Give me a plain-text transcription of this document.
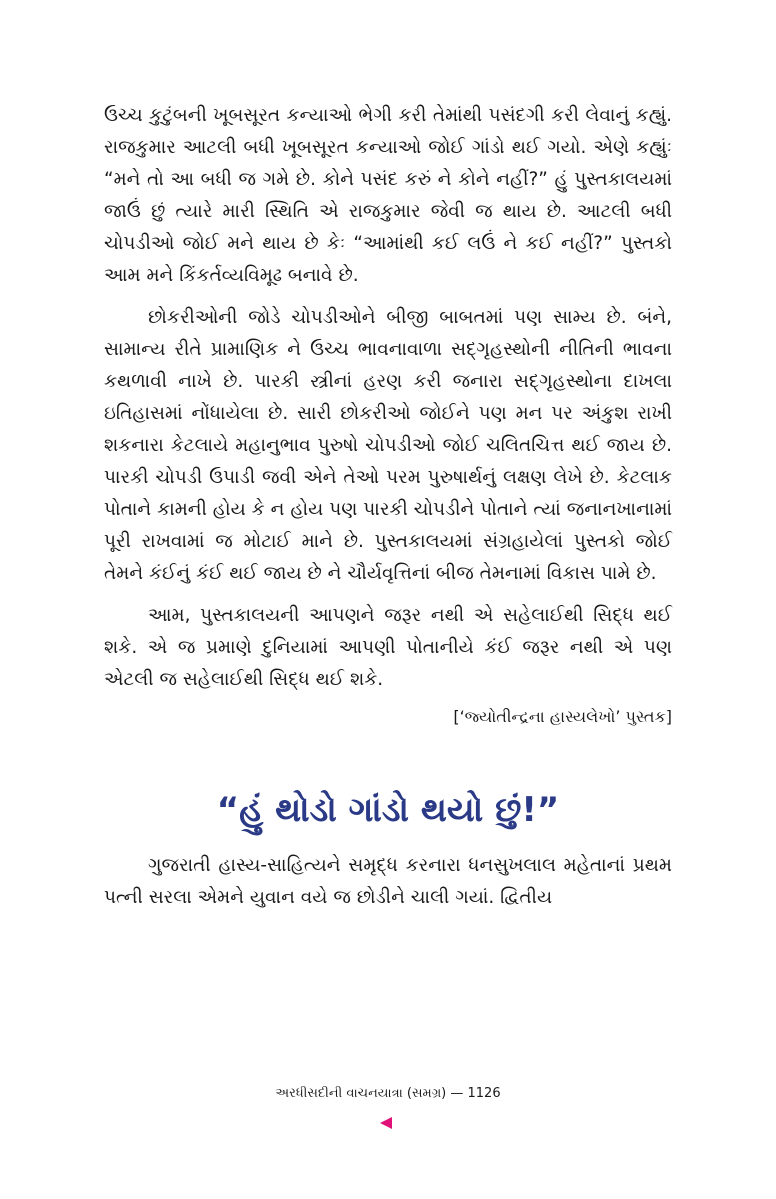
ઉચ્ચ કુટુંબની ખૂબસૂરત કન્યાઓ ભેગી કરી તેમાંથી પસંદગી કરી લેવાનું કહ્યું. રાજકુમાર આટલી બધી ખૂબસૂરત કન્યાઓ જોઈ ગાંડો થઈ ગયો. એણે કહ્યુંઃ “મને તો આ બધી જ ગમે છે. કોને પસંદ કરું ને કોને નહીં?” હું પુસ્તકાલયમાં જાઉં છું ત્યારે મારી સ્થિતિ એ રાજકુમાર જેવી જ થાય છે. આટલી બધી ચોપડીઓ જોઈ મને થાય છે કેઃ “આમાંથી કઈ લઉં ને કઈ નહીં?” પુસ્તકો આમ મને કિંકર્તવ્યવિમૂઢ બનાવે છે.

છોકરીઓની જોડે ચોપડીઓને બીજી બાબતમાં પણ સામ્ય છે. બંને, સામાન્ય રીતે પ્રામાણિક ને ઉચ્ચ ભાવનાવાળા સદ્ગૃહસ્થોની નીતિની ભાવના કથળાવી નાખે છે. પારકી સ્ત્રીનાં હરણ કરી જનારા સદ્ગૃહસ્થોના દાખલા ઇતિહાસમાં નોંધાયેલા છે. સારી છોકરીઓ જોઈને પણ મન પર અંકુશ રાખી શકનારા કેટલાયે મહાનુભાવ પુરુષો ચોપડીઓ જોઈ ચલિતચિત્ત થઈ જાય છે. પારકી ચોપડી ઉપાડી જવી એને તેઓ પરમ પુરુષાર્થનું લક્ષણ લેખે છે. કેટલાક પોતાને કામની હોય કે ન હોય પણ પારકી ચોપડીને પોતાને ત્યાં જનાનખાનામાં પૂરી રાખવામાં જ મોટાઈ માને છે. પુસ્તકાલયમાં સંગ્રહાયેલાં પુસ્તકો જોઈ તેમને કંઈનું કંઈ થઈ જાય છે ને ચૌર્યવૃત્તિનાં બીજ તેમનામાં વિકાસ પામે છે.

આમ, પુસ્તકાલયની આપણને જરૂર નથી એ સહેલાઈથી સિદ્ધ થઈ શકે. એ જ પ્રમાણે દુનિયામાં આપણી પોતાનીયે કંઈ જરૂર નથી એ પણ એટલી જ સહેલાઈથી સિદ્ધ થઈ શકે.

[‘જ્યોતીન્દ્રના હાસ્યલેખો’ પુસ્તક]
“હું થોડો ગાંડો થયો છું!”

ગુજરાતી હાસ્ય-સાહિત્યને સમૃદ્ધ કરનારા ધનસુખલાલ મહેતાનાં પ્રથમ પત્ની સરલા એમને યુવાન વયે જ છોડીને ચાલી ગયાં. દ્વિતીય

અરધીસદીની વાચનયાત્રા (સમગ્ર) — 1126
